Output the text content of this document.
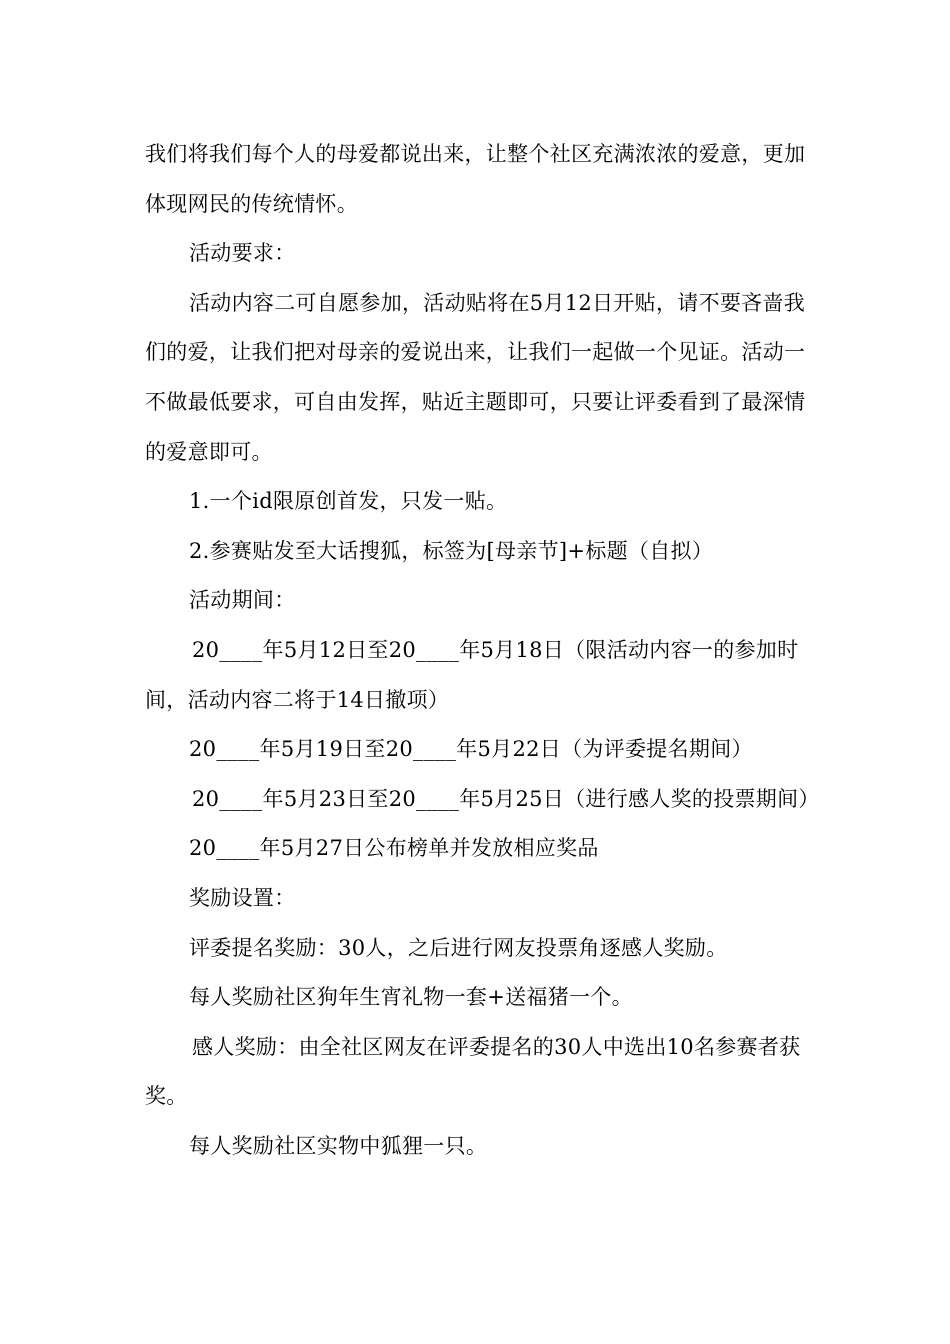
我们将我们每个人的母爱都说出来，让整个社区充满浓浓的爱意，更加体现网民的传统情怀。

活动要求：

活动内容二可自愿参加，活动贴将在5月12日开贴，请不要吝啬我们的爱，让我们把对母亲的爱说出来，让我们一起做一个见证。活动一不做最低要求，可自由发挥，贴近主题即可，只要让评委看到了最深情的爱意即可。

1.一个id限原创首发，只发一贴。

2.参赛贴发至大话搜狐，标签为[母亲节]+标题（自拟）

活动期间：

20____年5月12日至20____年5月18日（限活动内容一的参加时间，活动内容二将于14日撤项）

20____年5月19日至20____年5月22日（为评委提名期间）

20____年5月23日至20____年5月25日（进行感人奖的投票期间）

20____年5月27日公布榜单并发放相应奖品

奖励设置：

评委提名奖励：30人，之后进行网友投票角逐感人奖励。

每人奖励社区狗年生宵礼物一套+送福猪一个。

感人奖励：由全社区网友在评委提名的30人中选出10名参赛者获奖。

每人奖励社区实物中狐狸一只。
